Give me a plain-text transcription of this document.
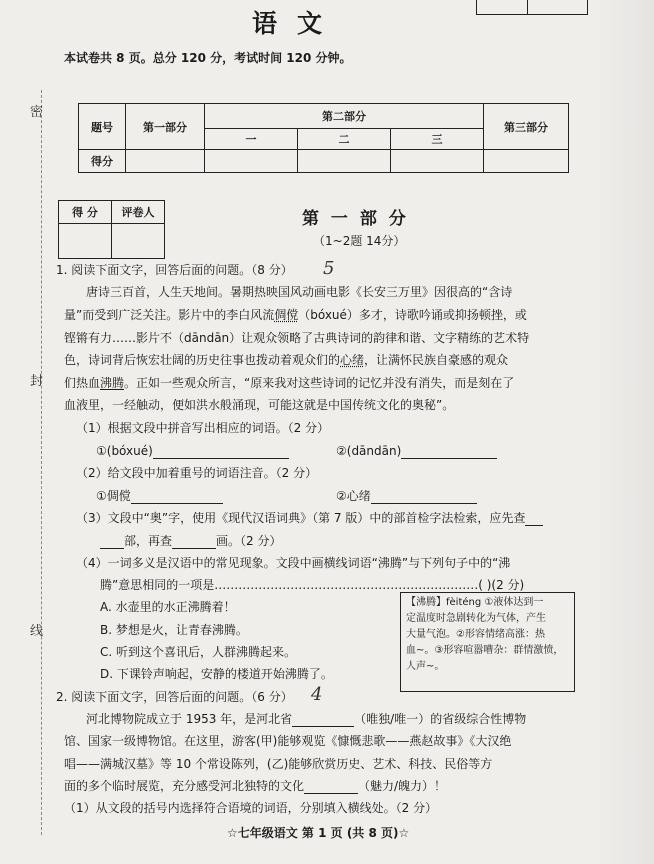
语文
本试卷共 8 页。总分 120 分，考试时间 120 分钟。
密
封
线
题号	第一部分	第二部分			第三部分
		一	二	三	
得分					
得 分	评卷人
		第 一 部 分
（1~2题 14分）
1. 阅读下面文字，回答后面的问题。（8 分） 5
唐诗三百首，人生天地间。暑期热映国风动画电影《长安三万里》因很高的“含诗
量”而受到广泛关注。影片中的李白风流倜傥（bóxué）多才，诗歌吟诵或抑扬顿挫，或
铿锵有力……影片不（dāndān）让观众领略了古典诗词的韵律和谐、文字精练的艺术特
色，诗词背后恢宏壮阔的历史往事也拨动着观众们的心绪，让满怀民族自豪感的观众
们热血沸腾。正如一些观众所言，“原来我对这些诗词的记忆并没有消失，而是刻在了
血液里，一经触动，便如洪水般涌现，可能这就是中国传统文化的奥秘”。
（1）根据文段中拼音写出相应的词语。（2 分）
①(bóxué)	②(dāndān)
（2）给文段中加着重号的词语注音。（2 分）
①倜傥	②心绪
（3）文段中“奥”字，使用《现代汉语词典》（第 7 版）中的部首检字法检索，应先查
部，再查	画。（2 分）
（4）一词多义是汉语中的常见现象。文段中画横线词语“沸腾”与下列句子中的“沸
腾”意思相同的一项是…………………………………………………………( )(2 分)
A. 水壶里的水正沸腾着！
B. 梦想是火，让青春沸腾。
C. 听到这个喜讯后，人群沸腾起来。
D. 下课铃声响起，安静的楼道开始沸腾了。
【沸腾】fèiténg ①液体达到一
定温度时急剧转化为气体，产生
大量气泡。②形容情绪高涨：热
血~。③形容喧嚣嘈杂：群情激愤，
人声~。
2. 阅读下面文字，回答后面的问题。（6 分） 4
河北博物院成立于 1953 年，是河北省	（唯独/唯一）的省级综合性博物
馆、国家一级博物馆。在这里，游客(甲)能够观览《慷慨悲歌——燕赵故事》《大汉绝
唱——满城汉墓》等 10 个常设陈列，(乙)能够欣赏历史、艺术、科技、民俗等方
面的多个临时展览，充分感受河北独特的文化	（魅力/魄力）！
（1）从文段的括号内选择符合语境的词语，分别填入横线处。（2 分）
☆七年级语文 第 1 页 (共 8 页)☆
